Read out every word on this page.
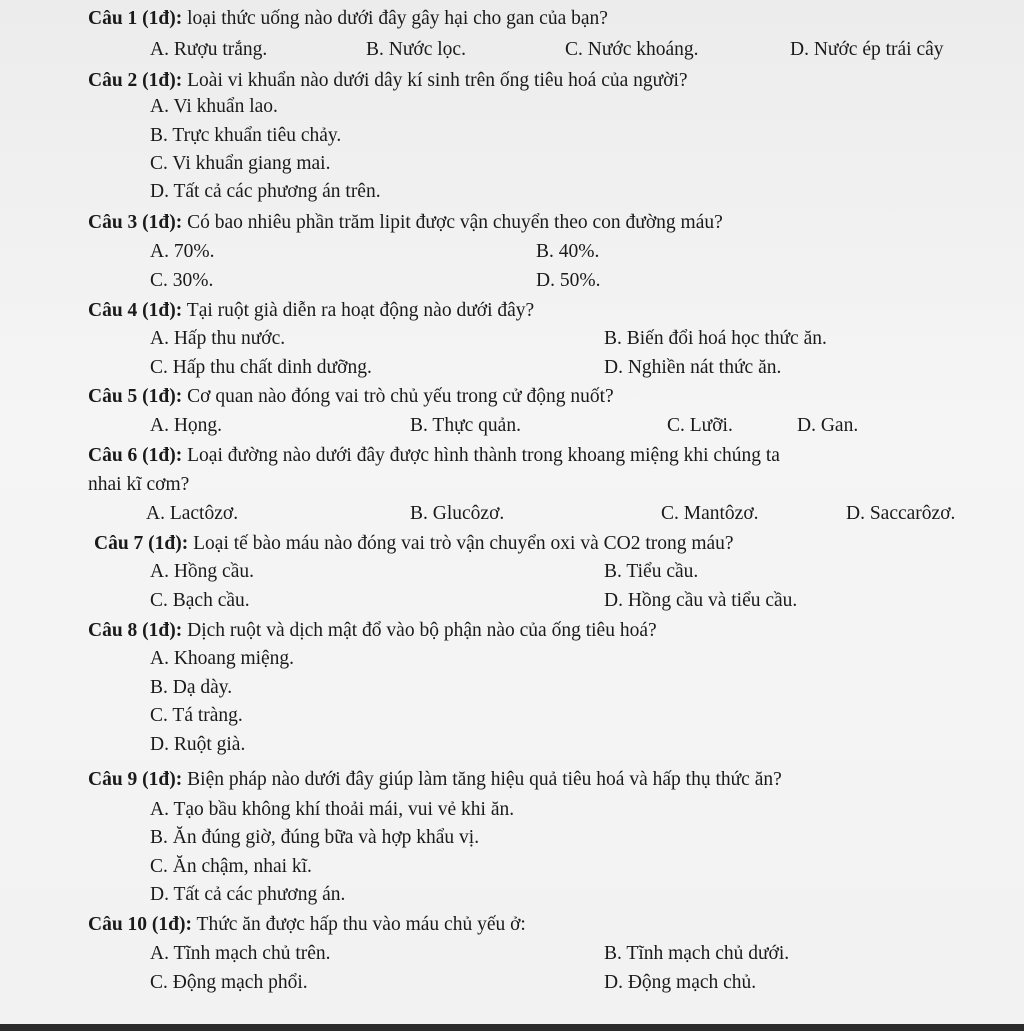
Câu 1 (1đ): loại thức uống nào dưới đây gây hại cho gan của bạn?
A. Rượu trắng.	B. Nước lọc.	C. Nước khoáng.	D. Nước ép trái cây
Câu 2 (1đ): Loài vi khuẩn nào dưới dây kí sinh trên ống tiêu hoá của người?
A. Vi khuẩn lao.
B. Trực khuẩn tiêu chảy.
C. Vi khuẩn giang mai.
D. Tất cả các phương án trên.
Câu 3 (1đ): Có bao nhiêu phần trăm lipit được vận chuyển theo con đường máu?
A. 70%.	B. 40%.
C. 30%.	D. 50%.
Câu 4 (1đ): Tại ruột già diễn ra hoạt động nào dưới đây?
A. Hấp thu nước.	B. Biến đổi hoá học thức ăn.
C. Hấp thu chất dinh dưỡng.	D. Nghiền nát thức ăn.
Câu 5 (1đ): Cơ quan nào đóng vai trò chủ yếu trong cử động nuốt?
A. Họng.	B. Thực quản.	C. Lưỡi.	D. Gan.
Câu 6 (1đ): Loại đường nào dưới đây được hình thành trong khoang miệng khi chúng ta
nhai kĩ cơm?
A. Lactôzơ.	B. Glucôzơ.	C. Mantôzơ.	D. Saccarôzơ.
Câu 7 (1đ): Loại tế bào máu nào đóng vai trò vận chuyển oxi và CO2 trong máu?
A. Hồng cầu.	B. Tiểu cầu.
C. Bạch cầu.	D. Hồng cầu và tiểu cầu.
Câu 8 (1đ): Dịch ruột và dịch mật đổ vào bộ phận nào của ống tiêu hoá?
A. Khoang miệng.
B. Dạ dày.
C. Tá tràng.
D. Ruột già.
Câu 9 (1đ): Biện pháp nào dưới đây giúp làm tăng hiệu quả tiêu hoá và hấp thụ thức ăn?
A. Tạo bầu không khí thoải mái, vui vẻ khi ăn.
B. Ăn đúng giờ, đúng bữa và hợp khẩu vị.
C. Ăn chậm, nhai kĩ.
D. Tất cả các phương án.
Câu 10 (1đ): Thức ăn được hấp thu vào máu chủ yếu ở:
A. Tĩnh mạch chủ trên.	B. Tĩnh mạch chủ dưới.
C. Động mạch phổi.	D. Động mạch chủ.
